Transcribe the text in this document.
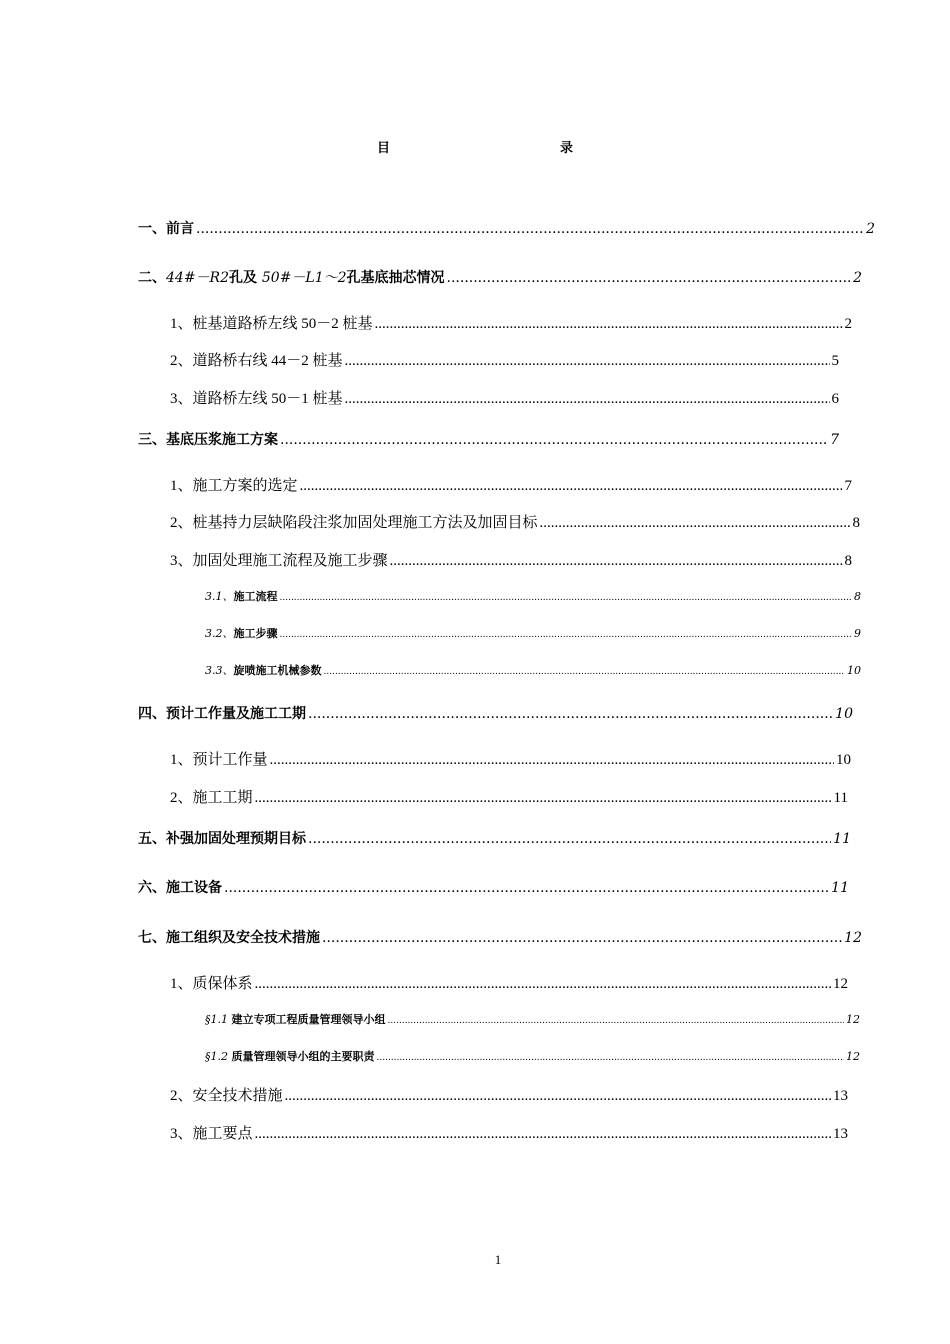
目　　录
一、前言 .....	2
二、44#－R2孔及 50#－L1～2孔基底抽芯情况 .....	2
1、桩基道路桥左线 50－2 桩基 .....	2
2、道路桥右线 44－2 桩基 .....	5
3、道路桥左线 50－1 桩基 .....	6
三、基底压浆施工方案 .....	7
1、施工方案的选定 .....	7
2、桩基持力层缺陷段注浆加固处理施工方法及加固目标 .....	8
3、加固处理施工流程及施工步骤 .....	8
3.1、施工流程 .....	8
3.2、施工步骤 .....	9
3.3、旋喷施工机械参数 .....	10
四、预计工作量及施工工期 .....	10
1、预计工作量 .....	10
2、施工工期 .....	11
五、补强加固处理预期目标 .....	11
六、施工设备 .....	11
七、施工组织及安全技术措施 .....	12
1、质保体系 .....	12
§1.1 建立专项工程质量管理领导小组 .....	12
§1.2 质量管理领导小组的主要职责 .....	12
2、安全技术措施 .....	13
3、施工要点 .....	13
1
